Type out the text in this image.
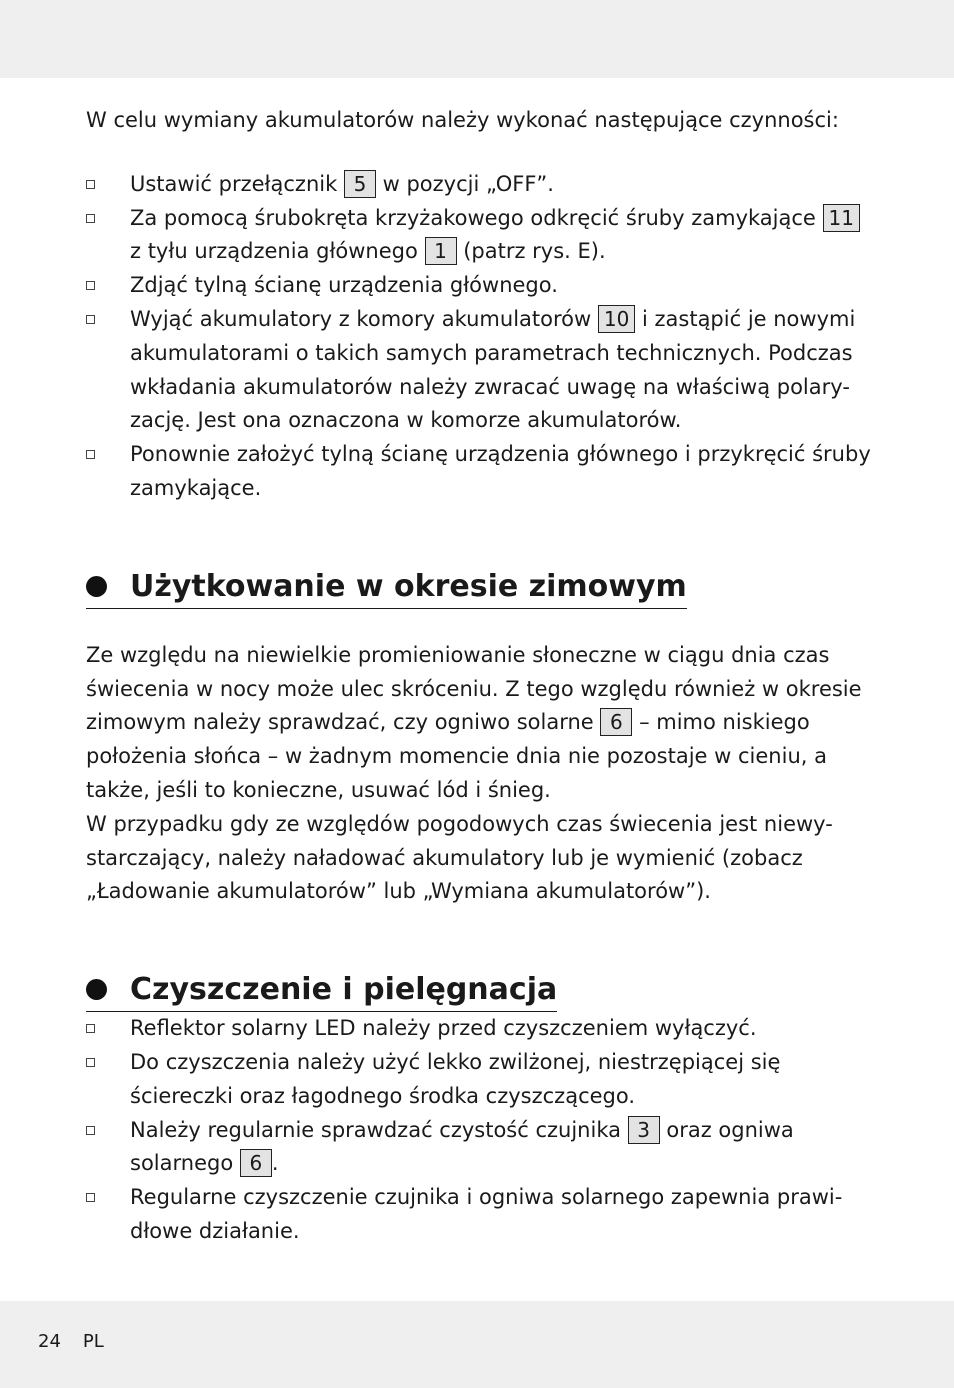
W celu wymiany akumulatorów należy wykonać następujące czynności:

Ustawić przełącznik 5 w pozycji „OFF”.
Za pomocą śrubokręta krzyżakowego odkręcić śruby zamykające 11 z tyłu urządzenia głównego 1 (patrz rys. E).
Zdjąć tylną ścianę urządzenia głównego.
Wyjąć akumulatory z komory akumulatorów 10 i zastąpić je nowymi akumulatorami o takich samych parametrach technicznych. Podczas wkładania akumulatorów należy zwracać uwagę na właściwą polary-zację. Jest ona oznaczona w komorze akumulatorów.
Ponownie założyć tylną ścianę urządzenia głównego i przykręcić śruby zamykające.
Użytkowanie w okresie zimowym

Ze względu na niewielkie promieniowanie słoneczne w ciągu dnia czas świecenia w nocy może ulec skróceniu. Z tego względu również w okresie zimowym należy sprawdzać, czy ogniwo solarne 6 – mimo niskiego położenia słońca – w żadnym momencie dnia nie pozostaje w cieniu, a także, jeśli to konieczne, usuwać lód i śnieg.

W przypadku gdy ze względów pogodowych czas świecenia jest niewy-starczający, należy naładować akumulatory lub je wymienić (zobacz „Ładowanie akumulatorów” lub „Wymiana akumulatorów”).

Czyszczenie i pielęgnacja
Reflektor solarny LED należy przed czyszczeniem wyłączyć.
Do czyszczenia należy użyć lekko zwilżonej, niestrzępiącej się ściereczki oraz łagodnego środka czyszczącego.
Należy regularnie sprawdzać czystość czujnika 3 oraz ogniwa solarnego 6 .
Regularne czyszczenie czujnika i ogniwa solarnego zapewnia prawi-dłowe działanie.
24 PL
